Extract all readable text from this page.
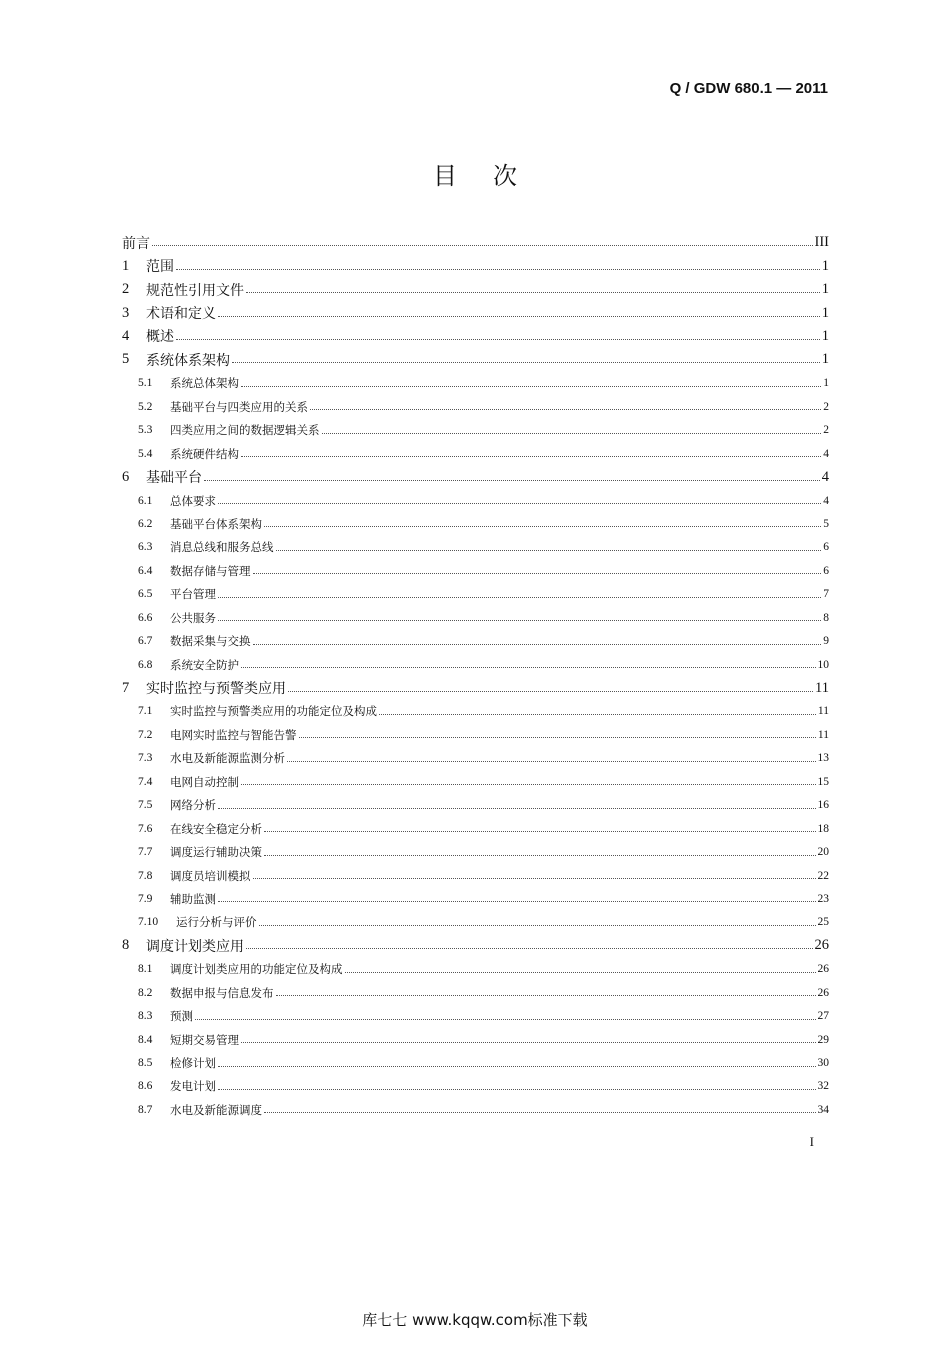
Q / GDW 680.1 — 2011
目次
前言	III
1	范围	1
2	规范性引用文件	1
3	术语和定义	1
4	概述	1
5	系统体系架构	1
5.1	系统总体架构	1
5.2	基础平台与四类应用的关系	2
5.3	四类应用之间的数据逻辑关系	2
5.4	系统硬件结构	4
6	基础平台	4
6.1	总体要求	4
6.2	基础平台体系架构	5
6.3	消息总线和服务总线	6
6.4	数据存储与管理	6
6.5	平台管理	7
6.6	公共服务	8
6.7	数据采集与交换	9
6.8	系统安全防护	10
7	实时监控与预警类应用	11
7.1	实时监控与预警类应用的功能定位及构成	11
7.2	电网实时监控与智能告警	11
7.3	水电及新能源监测分析	13
7.4	电网自动控制	15
7.5	网络分析	16
7.6	在线安全稳定分析	18
7.7	调度运行辅助决策	20
7.8	调度员培训模拟	22
7.9	辅助监测	23
7.10	运行分析与评价	25
8	调度计划类应用	26
8.1	调度计划类应用的功能定位及构成	26
8.2	数据申报与信息发布	26
8.3	预测	27
8.4	短期交易管理	29
8.5	检修计划	30
8.6	发电计划	32
8.7	水电及新能源调度	34
I
库七七 www.kqqw.com标准下载
